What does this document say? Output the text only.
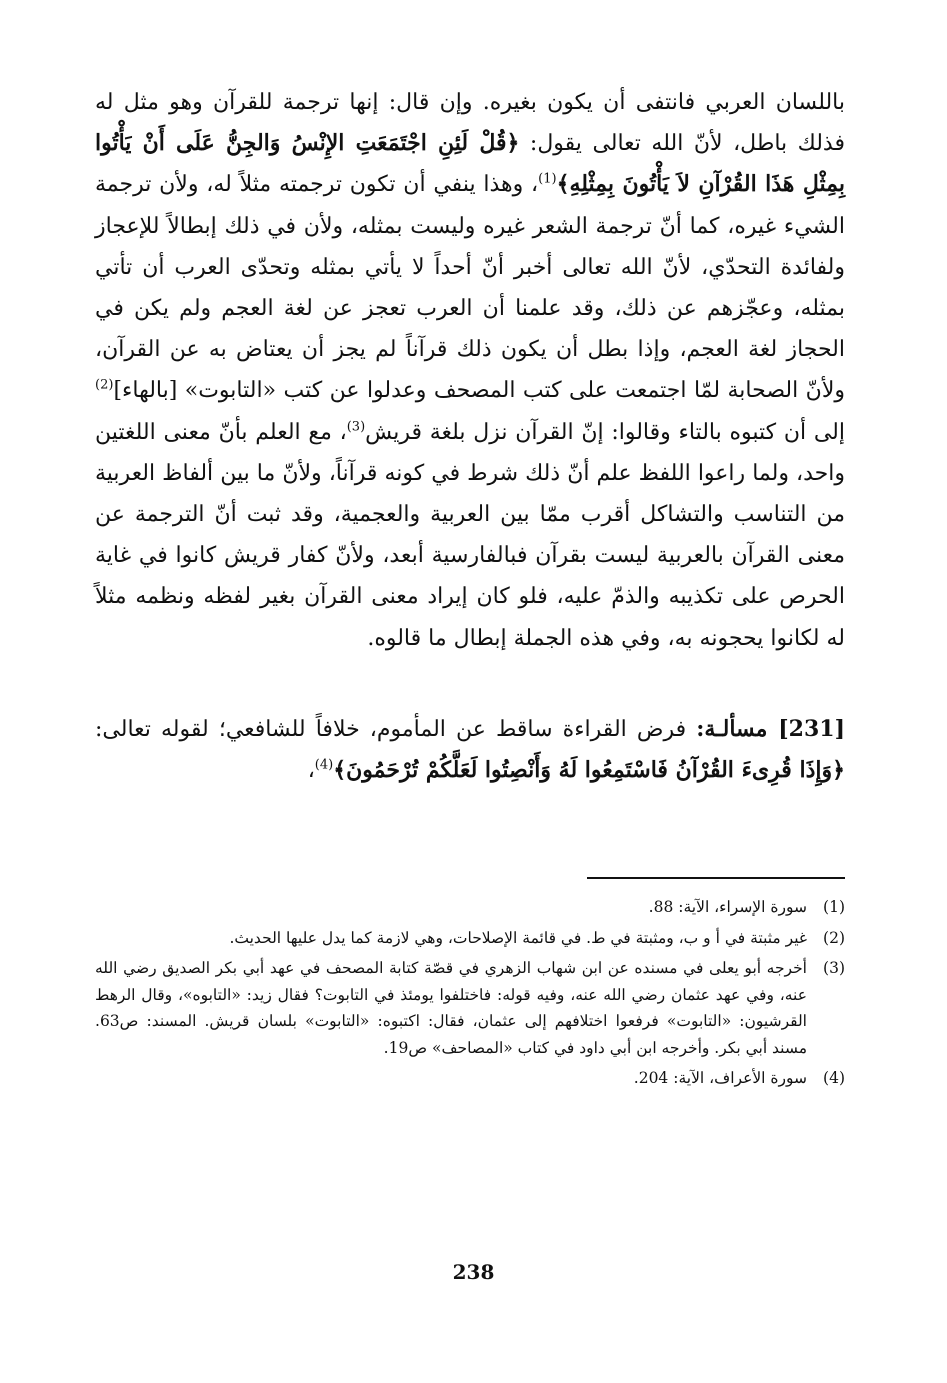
باللسان العربي فانتفى أن يكون بغيره. وإن قال: إنها ترجمة للقرآن وهو مثل له فذلك باطل، لأنّ الله تعالى يقول: ﴿قُلْ لَئِنِ اجْتَمَعَتِ الإِنْسُ وَالجِنُّ عَلَى أَنْ يَأْتُوا بِمِثْلِ هَذَا القُرْآنِ لاَ يَأْتُونَ بِمِثْلِهِ﴾$^{(1)}$، وهذا ينفي أن تكون ترجمته مثلاً له، ولأن ترجمة الشيء غيره، كما أنّ ترجمة الشعر غيره وليست بمثله، ولأن في ذلك إبطالاً للإعجاز ولفائدة التحدّي، لأنّ الله تعالى أخبر أنّ أحداً لا يأتي بمثله وتحدّى العرب أن تأتي بمثله، وعجّزهم عن ذلك، وقد علمنا أن العرب تعجز عن لغة العجم ولم يكن في الحجاز لغة العجم، وإذا بطل أن يكون ذلك قرآناً لم يجز أن يعتاض به عن القرآن، ولأنّ الصحابة لمّا اجتمعت على كتب المصحف وعدلوا عن كتب «التابوت» [بالهاء]$^{(2)}$ إلى أن كتبوه بالتاء وقالوا: إنّ القرآن نزل بلغة قريش$^{(3)}$، مع العلم بأنّ معنى اللغتين واحد، ولما راعوا اللفظ علم أنّ ذلك شرط في كونه قرآناً، ولأنّ ما بين ألفاظ العربية من التناسب والتشاكل أقرب ممّا بين العربية والعجمية، وقد ثبت أنّ الترجمة عن معنى القرآن بالعربية ليست بقرآن فبالفارسية أبعد، ولأنّ كفار قريش كانوا في غاية الحرص على تكذيبه والذمّ عليه، فلو كان إيراد معنى القرآن بغير لفظه ونظمه مثلاً له لكانوا يحجونه به، وفي هذه الجملة إبطال ما قالوه.

[231] مسألـة: فرض القراءة ساقط عن المأموم، خلافاً للشافعي؛ لقوله تعالى: ﴿وَإِذَا قُرِىءَ القُرْآنُ فَاسْتَمِعُوا لَهُ وَأَنْصِتُوا لَعَلَّكُمْ تُرْحَمُونَ﴾$^{(4)}$،

(1)
سورة الإسراء، الآية: 88.
(2)
غير مثبتة في أ و ب، ومثبتة في ط. في قائمة الإصلاحات، وهي لازمة كما يدل عليها الحديث.
(3)
أخرجه أبو يعلى في مسنده عن ابن شهاب الزهري في قصّة كتابة المصحف في عهد أبي بكر الصديق رضي الله عنه، وفي عهد عثمان رضي الله عنه، وفيه قوله: فاختلفوا يومئذ في التابوت؟ فقال زيد: «التابوه»، وقال الرهط القرشيون: «التابوت» فرفعوا اختلافهم إلى عثمان، فقال: اكتبوه: «التابوت» بلسان قريش. المسند: ص63. مسند أبي بكر. وأخرجه ابن أبي داود في كتاب «المصاحف» ص19.
(4)
سورة الأعراف، الآية: 204.
238
